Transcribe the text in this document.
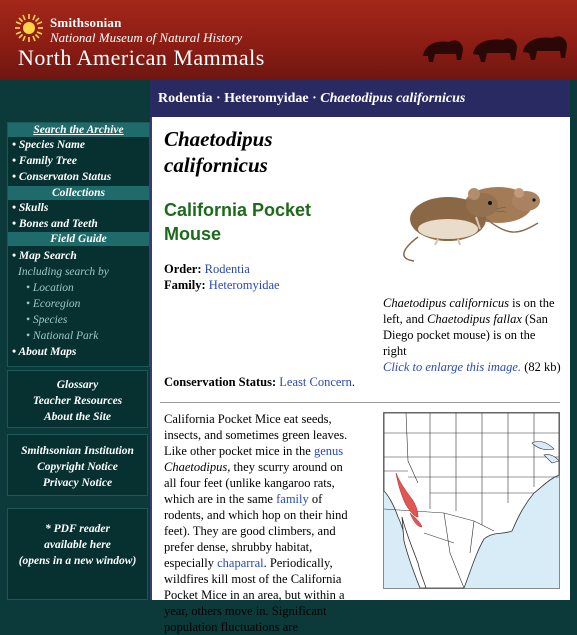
Smithsonian
National Museum of Natural History
North American Mammals
Search the Archive
• Species Name
• Family Tree
• Conservaton Status
Collections
• Skulls
• Bones and Teeth
Field Guide
• Map Search
Including search by
• Location
• Ecoregion
• Species
• National Park
• About Maps
Glossary
Teacher Resources
About the Site
Smithsonian Institution
Copyright Notice
Privacy Notice
* PDF reader
available here
(opens in a new window)
Rodentia · Heteromyidae · Chaetodipus californicus
Chaetodipus californicus
California Pocket Mouse
Order: Rodentia
Family: Heteromyidae
Chaetodipus californicus is on the left, and Chaetodipus fallax (San Diego pocket mouse) is on the right
Click to enlarge this image. (82 kb)
Conservation Status: Least Concern.
California Pocket Mice eat seeds, insects, and sometimes green leaves. Like other pocket mice in the genus Chaetodipus, they scurry around on all four feet (unlike kangaroo rats, which are in the same family of rodents, and which hop on their hind feet). They are good climbers, and prefer dense, shrubby habitat, especially chaparral. Periodically, wildfires kill most of the California Pocket Mice in an area, but within a year, others move in. Significant population fluctuations are
